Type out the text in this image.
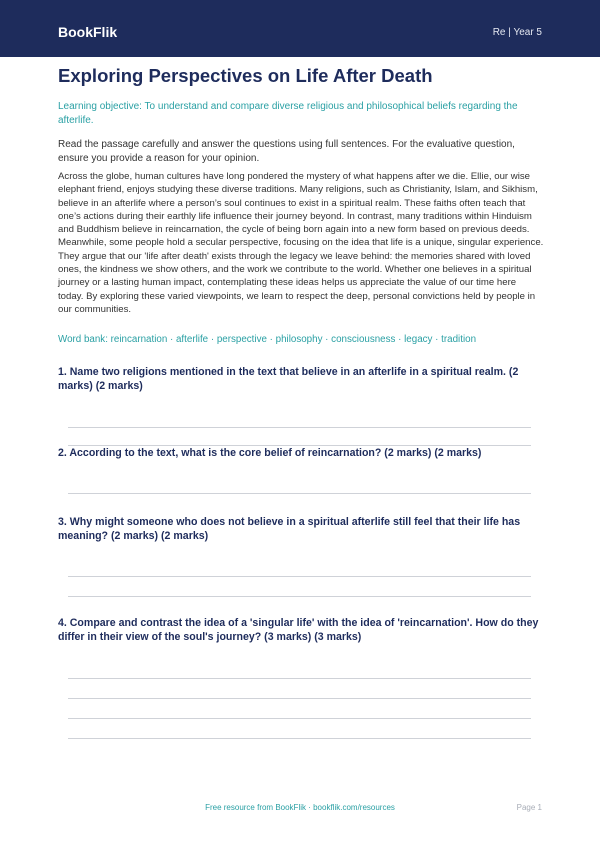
BookFlik	Re | Year 5
Exploring Perspectives on Life After Death
Learning objective: To understand and compare diverse religious and philosophical beliefs regarding the afterlife.
Read the passage carefully and answer the questions using full sentences. For the evaluative question, ensure you provide a reason for your opinion.
Across the globe, human cultures have long pondered the mystery of what happens after we die. Ellie, our wise elephant friend, enjoys studying these diverse traditions. Many religions, such as Christianity, Islam, and Sikhism, believe in an afterlife where a person’s soul continues to exist in a spiritual realm. These faiths often teach that one’s actions during their earthly life influence their journey beyond. In contrast, many traditions within Hinduism and Buddhism believe in reincarnation, the cycle of being born again into a new form based on previous deeds. Meanwhile, some people hold a secular perspective, focusing on the idea that life is a unique, singular experience. They argue that our 'life after death' exists through the legacy we leave behind: the memories shared with loved ones, the kindness we show others, and the work we contribute to the world. Whether one believes in a spiritual journey or a lasting human impact, contemplating these ideas helps us appreciate the value of our time here today. By exploring these varied viewpoints, we learn to respect the deep, personal convictions held by people in our communities.
Word bank: reincarnation · afterlife · perspective · philosophy · consciousness · legacy · tradition
1. Name two religions mentioned in the text that believe in an afterlife in a spiritual realm. (2 marks) (2 marks)
2. According to the text, what is the core belief of reincarnation? (2 marks) (2 marks)
3. Why might someone who does not believe in a spiritual afterlife still feel that their life has meaning? (2 marks) (2 marks)
4. Compare and contrast the idea of a 'singular life' with the idea of 'reincarnation'. How do they differ in their view of the soul's journey? (3 marks) (3 marks)
Free resource from BookFlik · bookflik.com/resources	Page 1
